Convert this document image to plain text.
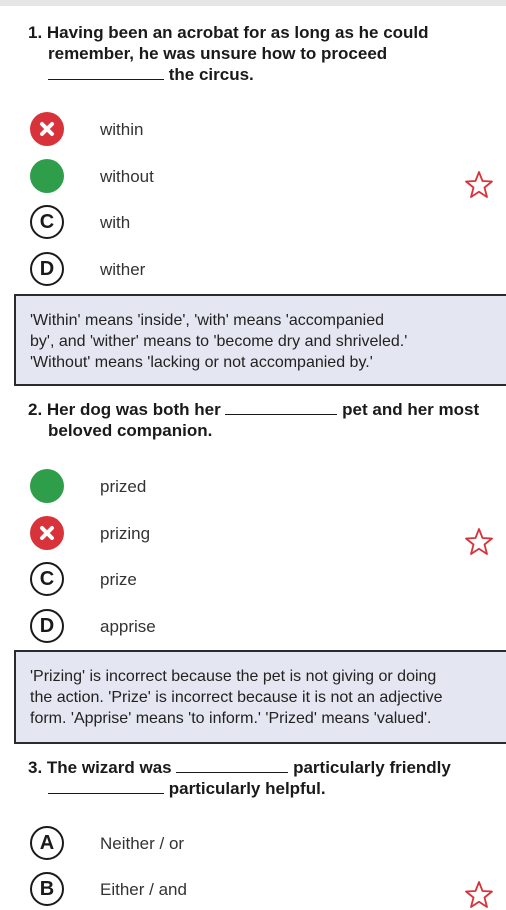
1. Having been an acrobat for as long as he could
remember, he was unsure how to proceed
the circus.
within
without
C	with
D	wither
'Within' means 'inside', 'with' means 'accompanied
by', and 'wither' means to 'become dry and shriveled.'
'Without' means 'lacking or not accompanied by.'
2. Her dog was both her	pet and her most
beloved companion.
prized
prizing
C	prize
D	apprise
'Prizing' is incorrect because the pet is not giving or doing
the action. 'Prize' is incorrect because it is not an adjective
form. 'Apprise' means 'to inform.' 'Prized' means 'valued'.
3. The wizard was	particularly friendly
particularly helpful.
A	Neither / or
B	Either / and
